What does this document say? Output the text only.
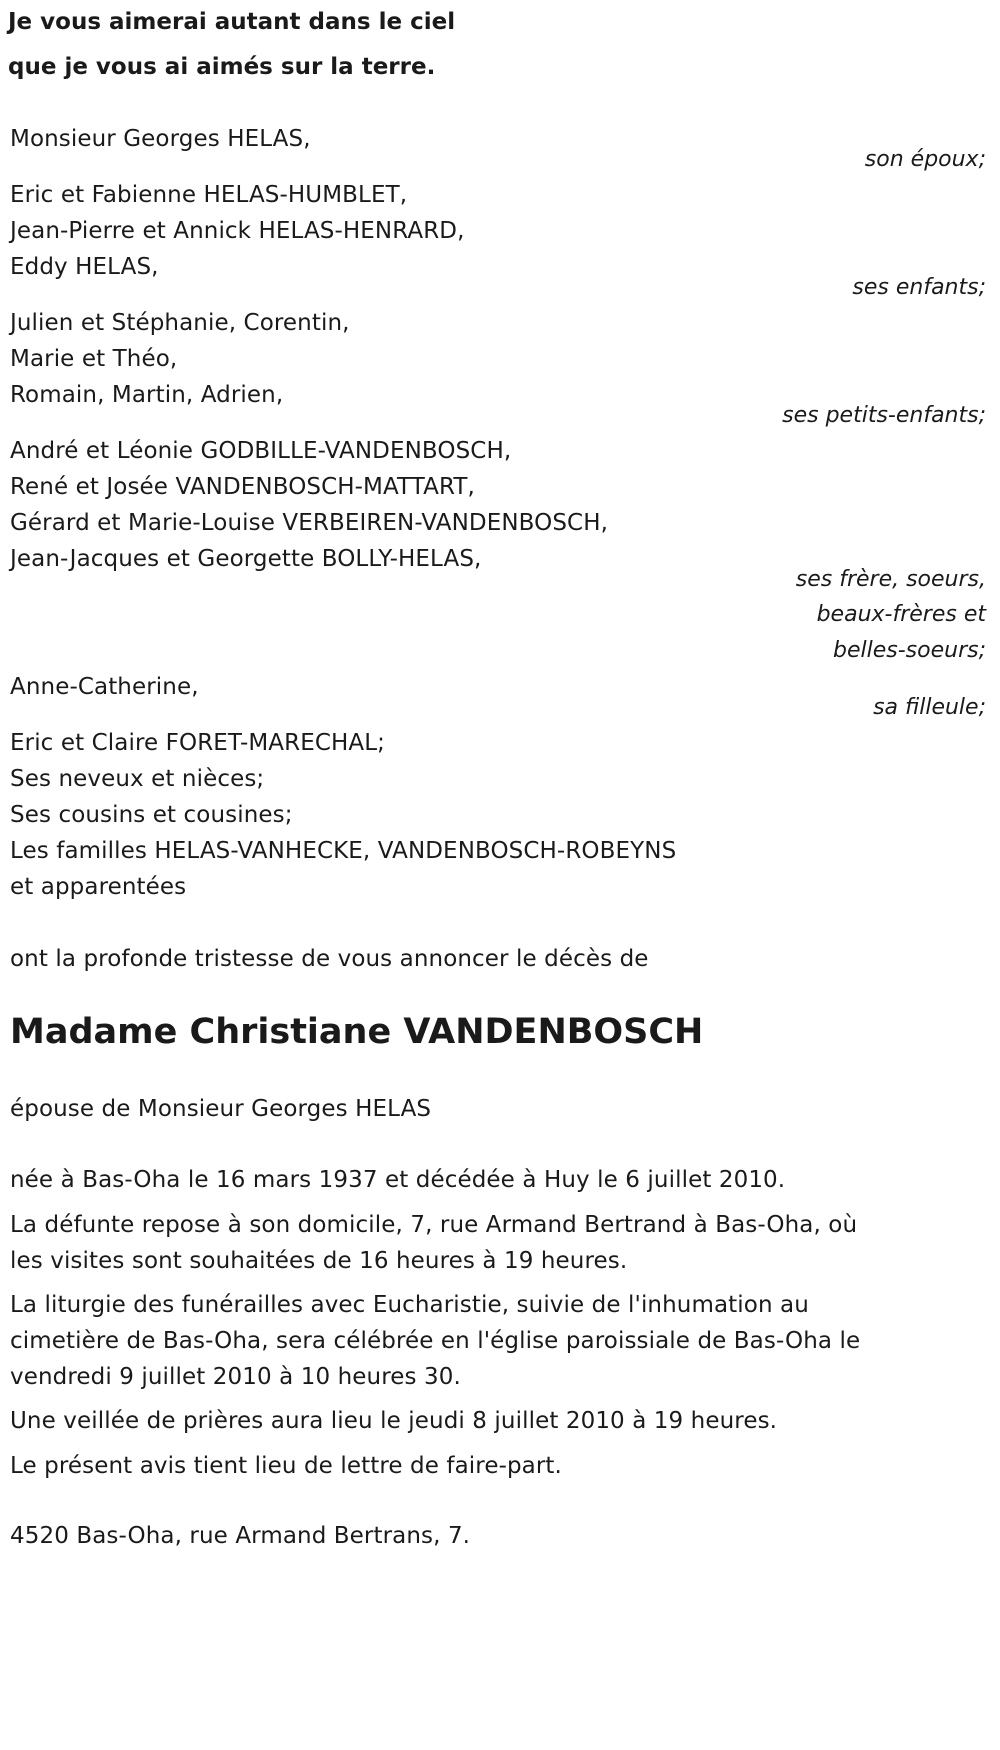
Je vous aimerai autant dans le ciel
que je vous ai aimés sur la terre.
Monsieur Georges HELAS,
son époux;
Eric et Fabienne HELAS-HUMBLET,
Jean-Pierre et Annick HELAS-HENRARD,
Eddy HELAS,
ses enfants;
Julien et Stéphanie, Corentin,
Marie et Théo,
Romain, Martin, Adrien,
ses petits-enfants;
André et Léonie GODBILLE-VANDENBOSCH,
René et Josée VANDENBOSCH-MATTART,
Gérard et Marie-Louise VERBEIREN-VANDENBOSCH,
Jean-Jacques et Georgette BOLLY-HELAS,
ses frère, soeurs,
beaux-frères et
belles-soeurs;
Anne-Catherine,
sa filleule;
Eric et Claire FORET-MARECHAL;
Ses neveux et nièces;
Ses cousins et cousines;
Les familles HELAS-VANHECKE, VANDENBOSCH-ROBEYNS
et apparentées
ont la profonde tristesse de vous annoncer le décès de
Madame Christiane VANDENBOSCH
épouse de Monsieur Georges HELAS
née à Bas-Oha le 16 mars 1937 et décédée à Huy le 6 juillet 2010.
La défunte repose à son domicile, 7, rue Armand Bertrand à Bas-Oha, où
les visites sont souhaitées de 16 heures à 19 heures.
La liturgie des funérailles avec Eucharistie, suivie de l'inhumation au
cimetière de Bas-Oha, sera célébrée en l'église paroissiale de Bas-Oha le
vendredi 9 juillet 2010 à 10 heures 30.
Une veillée de prières aura lieu le jeudi 8 juillet 2010 à 19 heures.
Le présent avis tient lieu de lettre de faire-part.
4520 Bas-Oha, rue Armand Bertrans, 7.
